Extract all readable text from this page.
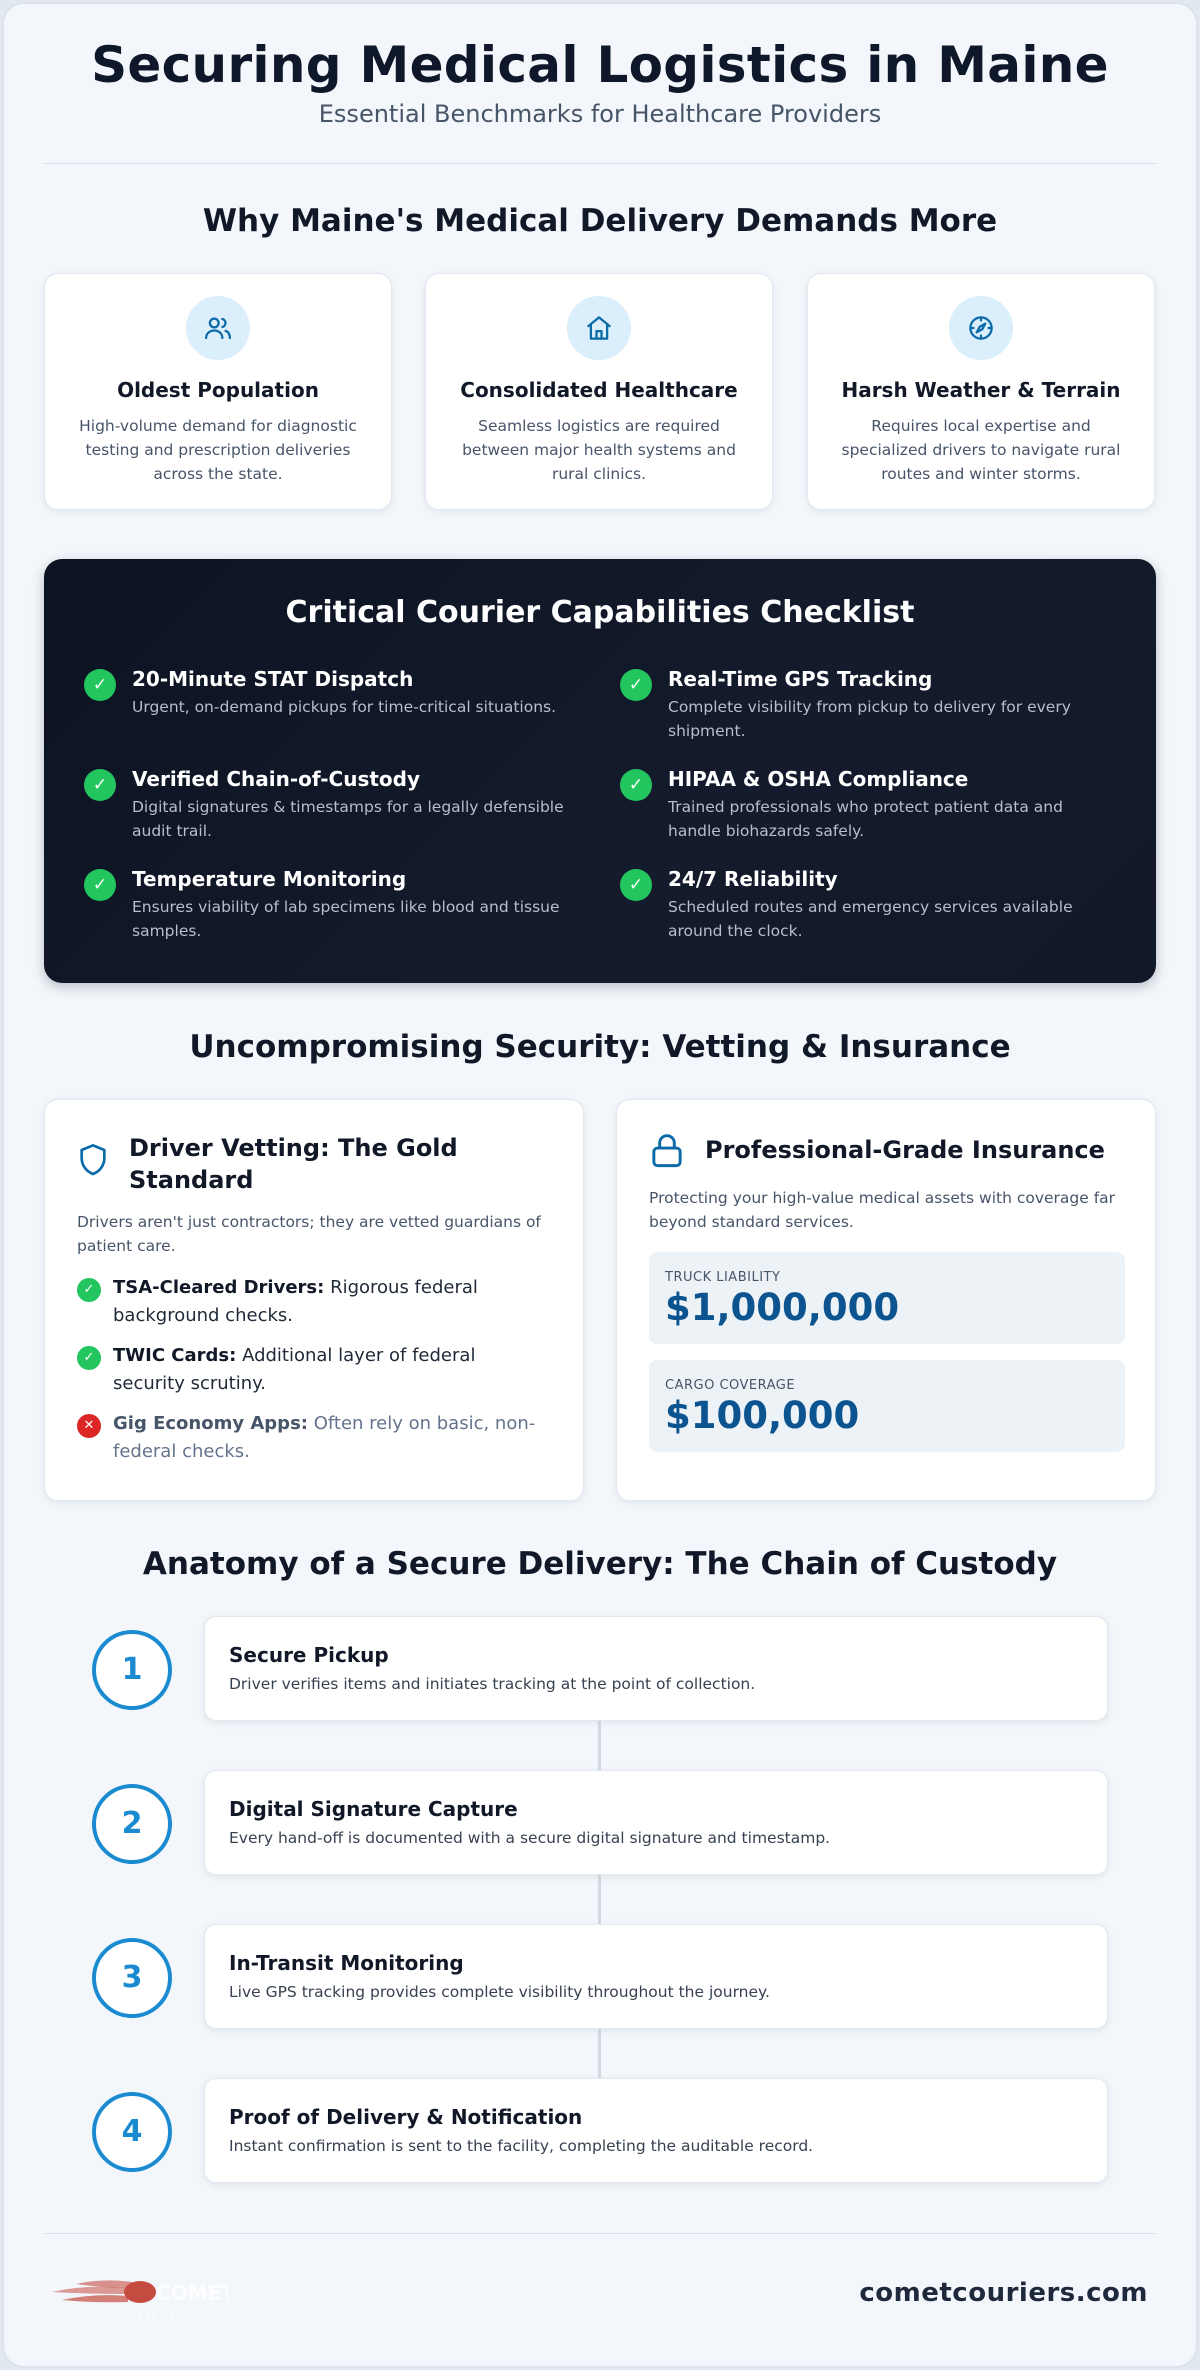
Securing Medical Logistics in Maine
Essential Benchmarks for Healthcare Providers
Why Maine's Medical Delivery Demands More
Oldest Population
High-volume demand for diagnostic testing and prescription deliveries across the state.
Consolidated Healthcare
Seamless logistics are required between major health systems and rural clinics.
Harsh Weather & Terrain
Requires local expertise and specialized drivers to navigate rural routes and winter storms.
Critical Courier Capabilities Checklist
✓	20-Minute STAT Dispatch
Urgent, on-demand pickups for time-critical situations.
✓	Real-Time GPS Tracking
Complete visibility from pickup to delivery for every shipment.
✓	Verified Chain-of-Custody
Digital signatures & timestamps for a legally defensible audit trail.
✓	HIPAA & OSHA Compliance
Trained professionals who protect patient data and handle biohazards safely.
✓	Temperature Monitoring
Ensures viability of lab specimens like blood and tissue samples.
✓	24/7 Reliability
Scheduled routes and emergency services available around the clock.
Uncompromising Security: Vetting & Insurance
Driver Vetting: The Gold Standard
Drivers aren't just contractors; they are vetted guardians of patient care.
✓	TSA-Cleared Drivers: Rigorous federal background checks.
✓	TWIC Cards: Additional layer of federal security scrutiny.
✕	Gig Economy Apps: Often rely on basic, non-federal checks.
Professional-Grade Insurance
Protecting your high-value medical assets with coverage far beyond standard services.
TRUCK LIABILITY
$1,000,000
CARGO COVERAGE
$100,000
Anatomy of a Secure Delivery: The Chain of Custody
1	Secure Pickup
Driver verifies items and initiates tracking at the point of collection.
2	Digital Signature Capture
Every hand-off is documented with a secure digital signature and timestamp.
3	In-Transit Monitoring
Live GPS tracking provides complete visibility throughout the journey.
4	Proof of Delivery & Notification
Instant confirmation is sent to the facility, completing the auditable record.
COMET
COURIERS
cometcouriers.com
